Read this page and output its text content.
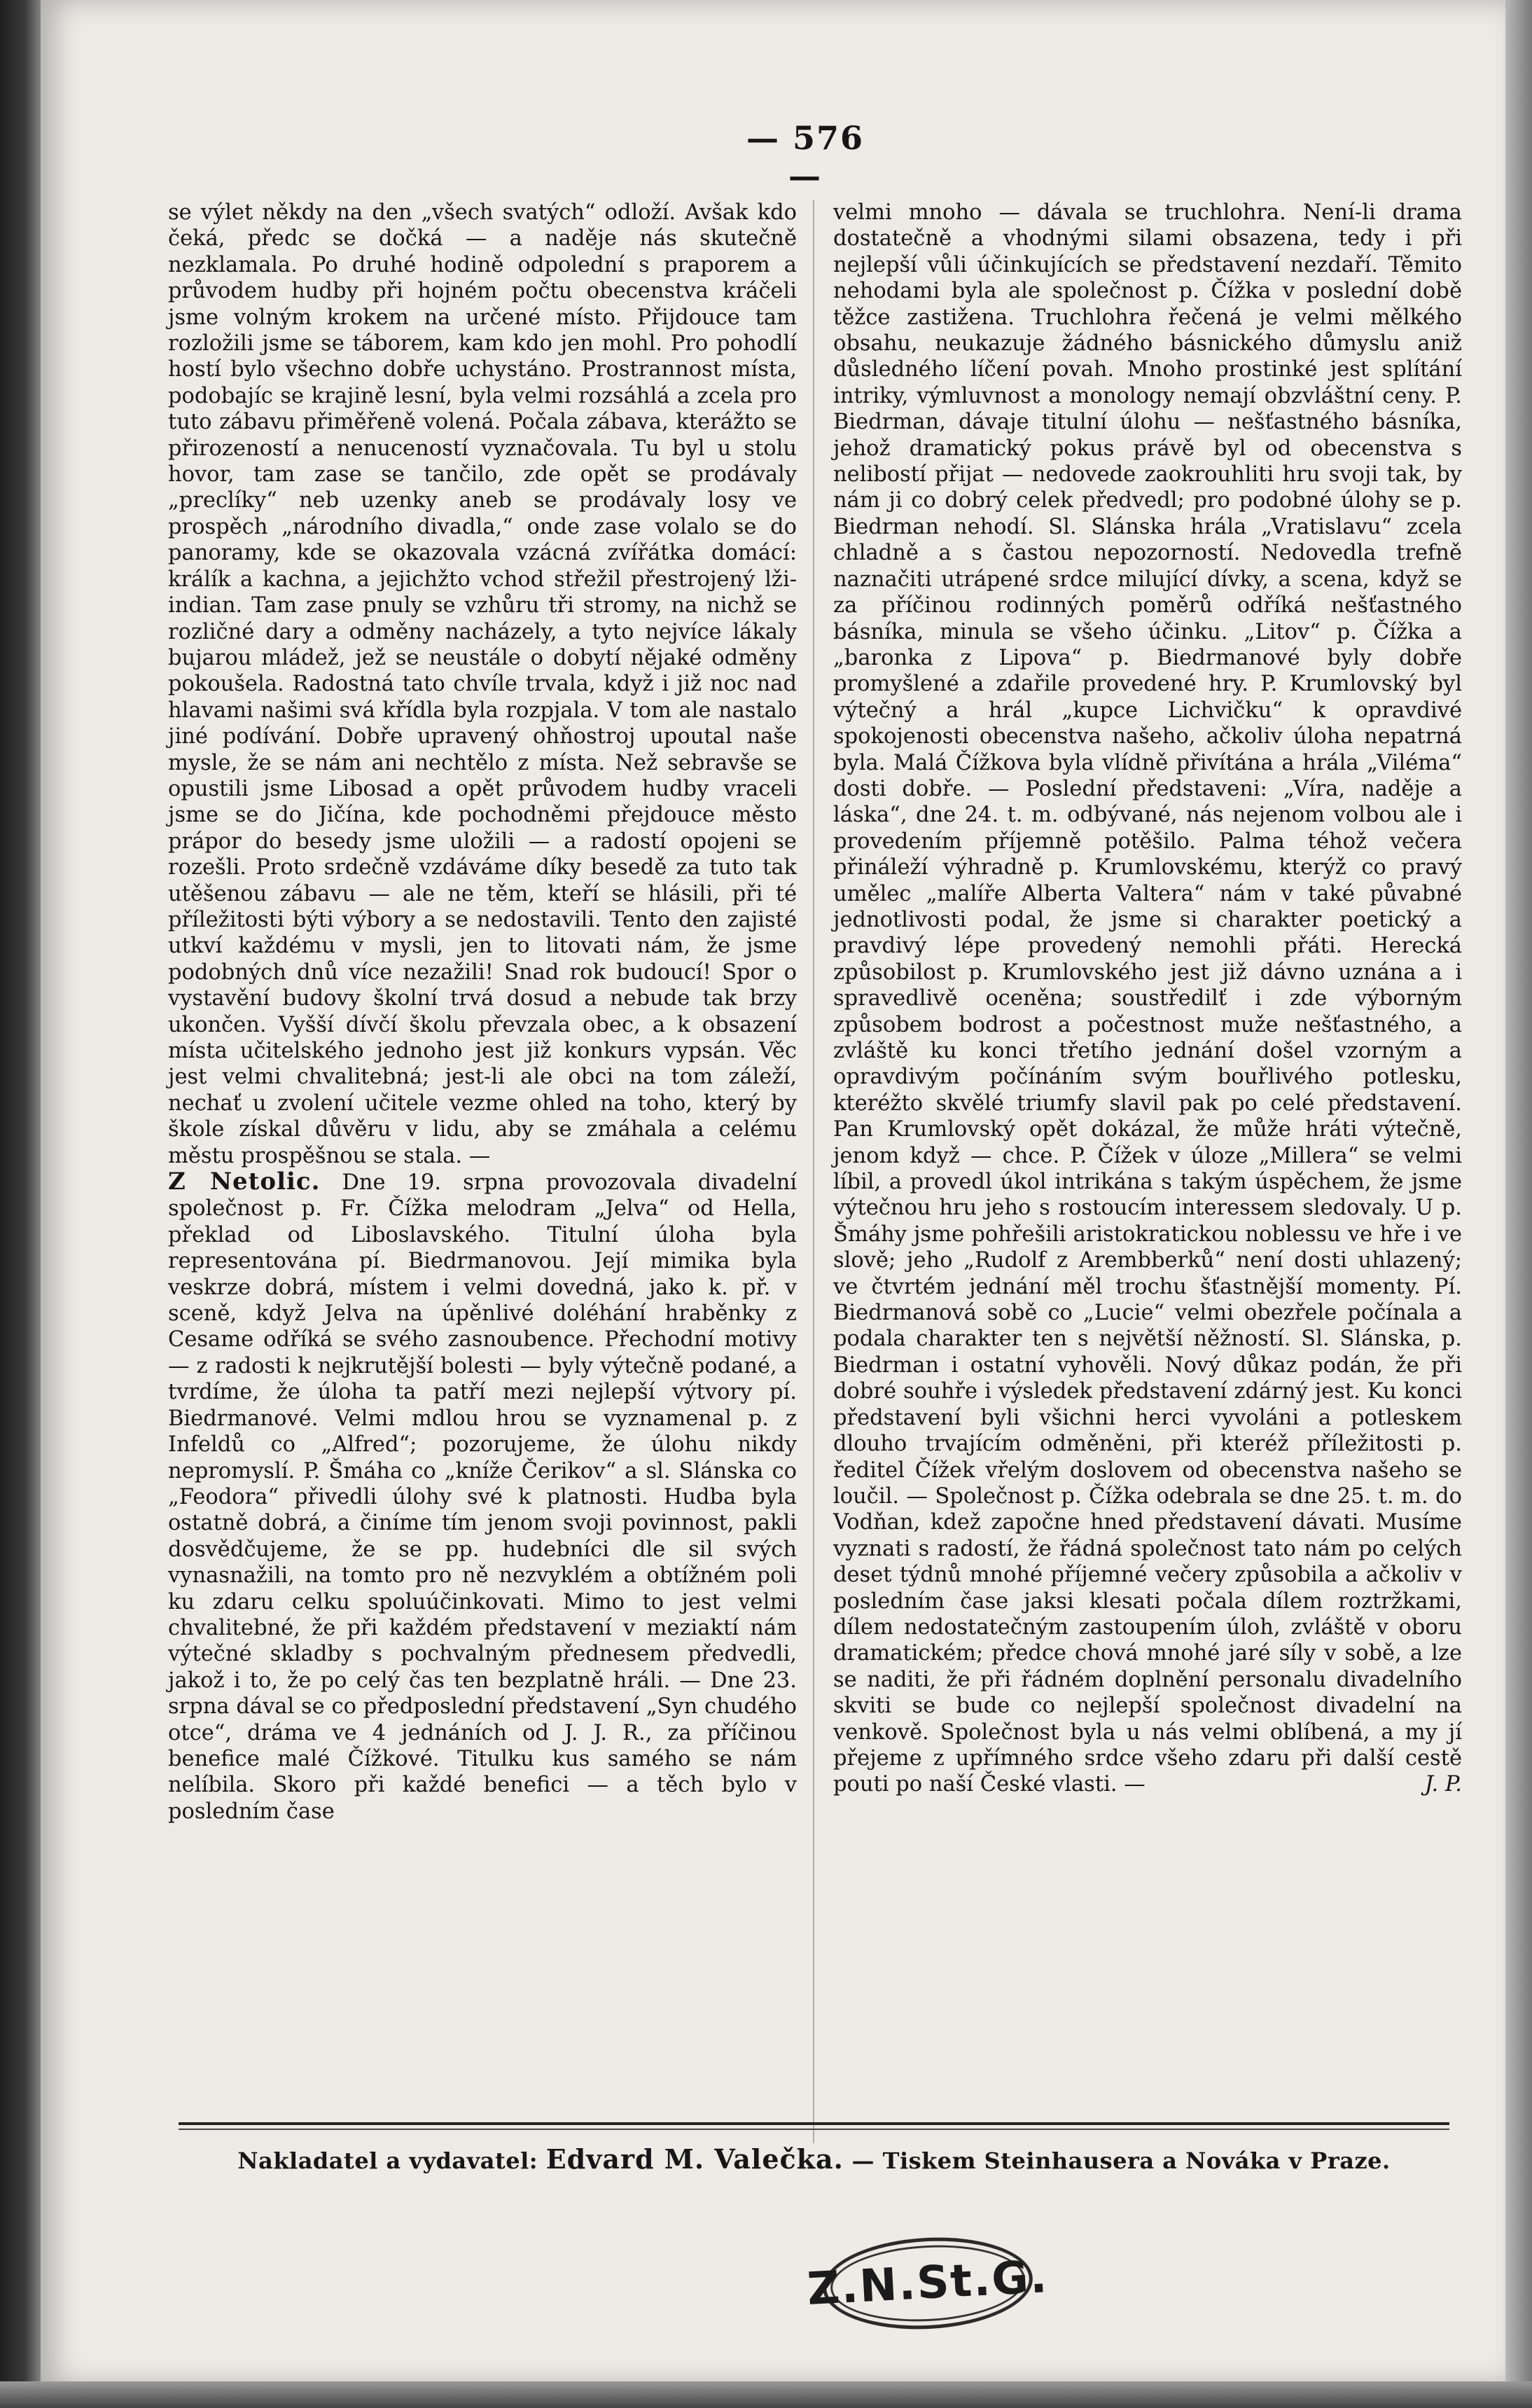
— 576 —

se výlet někdy na den „všech svatých“ odloží. Avšak kdo čeká, předc se dočká — a naděje nás skutečně nezklamala. Po druhé hodině odpolední s praporem a průvodem hudby při hojném počtu obecenstva kráčeli jsme volným krokem na určené místo. Přijdouce tam rozložili jsme se táborem, kam kdo jen mohl. Pro pohodlí hostí bylo všechno dobře uchystáno. Prostrannost místa, podobajíc se krajině lesní, byla velmi rozsáhlá a zcela pro tuto zábavu přiměřeně volená. Počala zábava, kterážto se přirozeností a nenuceností vyznačovala. Tu byl u stolu hovor, tam zase se tančilo, zde opět se prodávaly „preclíky“ neb uzenky aneb se prodávaly losy ve prospěch „národního divadla,“ onde zase volalo se do panoramy, kde se okazovala vzácná zvířátka domácí: králík a kachna, a jejichžto vchod střežil přestrojený lži- indian. Tam zase pnuly se vzhůru tři stromy, na nichž se rozličné dary a odměny nacházely, a tyto nejvíce lákaly bujarou mládež, jež se neustále o dobytí nějaké odměny pokoušela. Radostná tato chvíle trvala, když i již noc nad hlavami našimi svá křídla byla rozpjala. V tom ale nastalo jiné podívání. Dobře upravený ohňostroj upoutal naše mysle, že se nám ani nechtělo z místa. Než sebravše se opustili jsme Libosad a opět průvodem hudby vraceli jsme se do Jičína, kde pochodněmi přejdouce město prápor do besedy jsme uložili — a radostí opojeni se rozešli. Proto srdečně vzdáváme díky besedě za tuto tak utěšenou zábavu — ale ne těm, kteří se hlásili, při té příležitosti býti výbory a se nedostavili. Tento den zajisté utkví každému v mysli, jen to litovati nám, že jsme podobných dnů více nezažili! Snad rok budoucí! Spor o vystavění budovy školní trvá dosud a nebude tak brzy ukončen. Vyšší dívčí školu převzala obec, a k obsazení místa učitelského jednoho jest již konkurs vypsán. Věc jest velmi chvalitebná; jest-li ale obci na tom záleží, nechať u zvolení učitele vezme ohled na toho, který by škole získal důvěru v lidu, aby se zmáhala a celému městu prospěšnou se stala. —

Z Netolic. Dne 19. srpna provozovala divadelní společnost p. Fr. Čížka melodram „Jelva“ od Hella, překlad od Liboslavského. Titulní úloha byla representována pí. Biedrmanovou. Její mimika byla veskrze dobrá, místem i velmi dovedná, jako k. př. v sceně, když Jelva na úpěnlivé doléhání hraběnky z Cesame odříká se svého zasnoubence. Přechodní motivy — z radosti k nejkrutější bolesti — byly výtečně podané, a tvrdíme, že úloha ta patří mezi nejlepší výtvory pí. Biedrmanové. Velmi mdlou hrou se vyznamenal p. z Infeldů co „Alfred“; pozorujeme, že úlohu nikdy nepromyslí. P. Šmáha co „kníže Čerikov“ a sl. Slánska co „Feodora“ přivedli úlohy své k platnosti. Hudba byla ostatně dobrá, a činíme tím jenom svoji povinnost, pakli dosvědčujeme, že se pp. hudebníci dle sil svých vynasnažili, na tomto pro ně nezvyklém a obtížném poli ku zdaru celku spoluúčinkovati. Mimo to jest velmi chvalitebné, že při každém představení v meziaktí nám výtečné skladby s pochvalným přednesem předvedli, jakož i to, že po celý čas ten bezplatně hráli. — Dne 23. srpna dával se co předposlední představení „Syn chudého otce“, dráma ve 4 jednáních od J. J. R., za příčinou benefice malé Čížkové. Titulku kus samého se nám nelíbila. Skoro při každé benefici — a těch bylo v posledním čase

velmi mnoho — dávala se truchlohra. Není-li drama dostatečně a vhodnými silami obsazena, tedy i při nejlepší vůli účinkujících se představení nezdaří. Těmito nehodami byla ale společnost p. Čížka v poslední době těžce zastižena. Truchlohra řečená je velmi mělkého obsahu, neukazuje žádného básnického důmyslu aniž důsledného líčení povah. Mnoho prostinké jest splítání intriky, výmluvnost a monology nemají obzvláštní ceny. P. Biedrman, dávaje titulní úlohu — nešťastného básníka, jehož dramatický pokus právě byl od obecenstva s nelibostí přijat — nedovede zaokrouhliti hru svoji tak, by nám ji co dobrý celek předvedl; pro podobné úlohy se p. Biedrman nehodí. Sl. Slánska hrála „Vratislavu“ zcela chladně a s častou nepozorností. Nedovedla trefně naznačiti utrápené srdce milující dívky, a scena, když se za příčinou rodinných poměrů odříká nešťastného básníka, minula se všeho účinku. „Litov“ p. Čížka a „baronka z Lipova“ p. Biedrmanové byly dobře promyšlené a zdařile provedené hry. P. Krumlovský byl výtečný a hrál „kupce Lichvičku“ k opravdivé spokojenosti obecenstva našeho, ačkoliv úloha nepatrná byla. Malá Čížkova byla vlídně přivítána a hrála „Viléma“ dosti dobře. — Poslední představeni: „Víra, naděje a láska“, dne 24. t. m. odbývané, nás nejenom volbou ale i provedením příjemně potěšilo. Palma téhož večera přináleží výhradně p. Krumlovskému, kterýž co pravý umělec „malíře Alberta Valtera“ nám v také půvabné jednotlivosti podal, že jsme si charakter poetický a pravdivý lépe provedený nemohli přáti. Herecká způsobilost p. Krumlovského jest již dávno uznána a i spravedlivě oceněna; soustředilť i zde výborným způsobem bodrost a počestnost muže nešťastného, a zvláště ku konci třetího jednání došel vzorným a opravdivým počínáním svým bouřlivého potlesku, kteréžto skvělé triumfy slavil pak po celé představení. Pan Krumlovský opět dokázal, že může hráti výtečně, jenom když — chce. P. Čížek v úloze „Millera“ se velmi líbil, a provedl úkol intrikána s takým úspěchem, že jsme výtečnou hru jeho s rostoucím interessem sledovaly. U p. Šmáhy jsme pohřešili aristokratickou noblessu ve hře i ve slově; jeho „Rudolf z Arembberků“ není dosti uhlazený; ve čtvrtém jednání měl trochu šťastnější momenty. Pí. Biedrmanová sobě co „Lucie“ velmi obezřele počínala a podala charakter ten s největší něžností. Sl. Slánska, p. Biedrman i ostatní vyhověli. Nový důkaz podán, že při dobré souhře i výsledek představení zdárný jest. Ku konci představení byli všichni herci vyvoláni a potleskem dlouho trvajícím odměněni, při kteréž příležitosti p. ředitel Čížek vřelým doslovem od obecenstva našeho se loučil. — Společnost p. Čížka odebrala se dne 25. t. m. do Vodňan, kdež započne hned představení dávati. Musíme vyznati s radostí, že řádná společnost tato nám po celých deset týdnů mnohé příjemné večery způsobila a ačkoliv v posledním čase jaksi klesati počala dílem roztržkami, dílem nedostatečným zastoupením úloh, zvláště v oboru dramatickém; předce chová mnohé jaré síly v sobě, a lze se naditi, že při řádném doplnění personalu divadelního skviti se bude co nejlepší společnost divadelní na venkově. Společnost byla u nás velmi oblíbená, a my jí přejeme z upřímného srdce všeho zdaru při další cestě pouti po naší České vlasti. —	J. P.

Nakladatel a vydavatel: Edvard M. Valečka. — Tiskem Steinhausera a Nováka v Praze.
Z.N.St.G.
